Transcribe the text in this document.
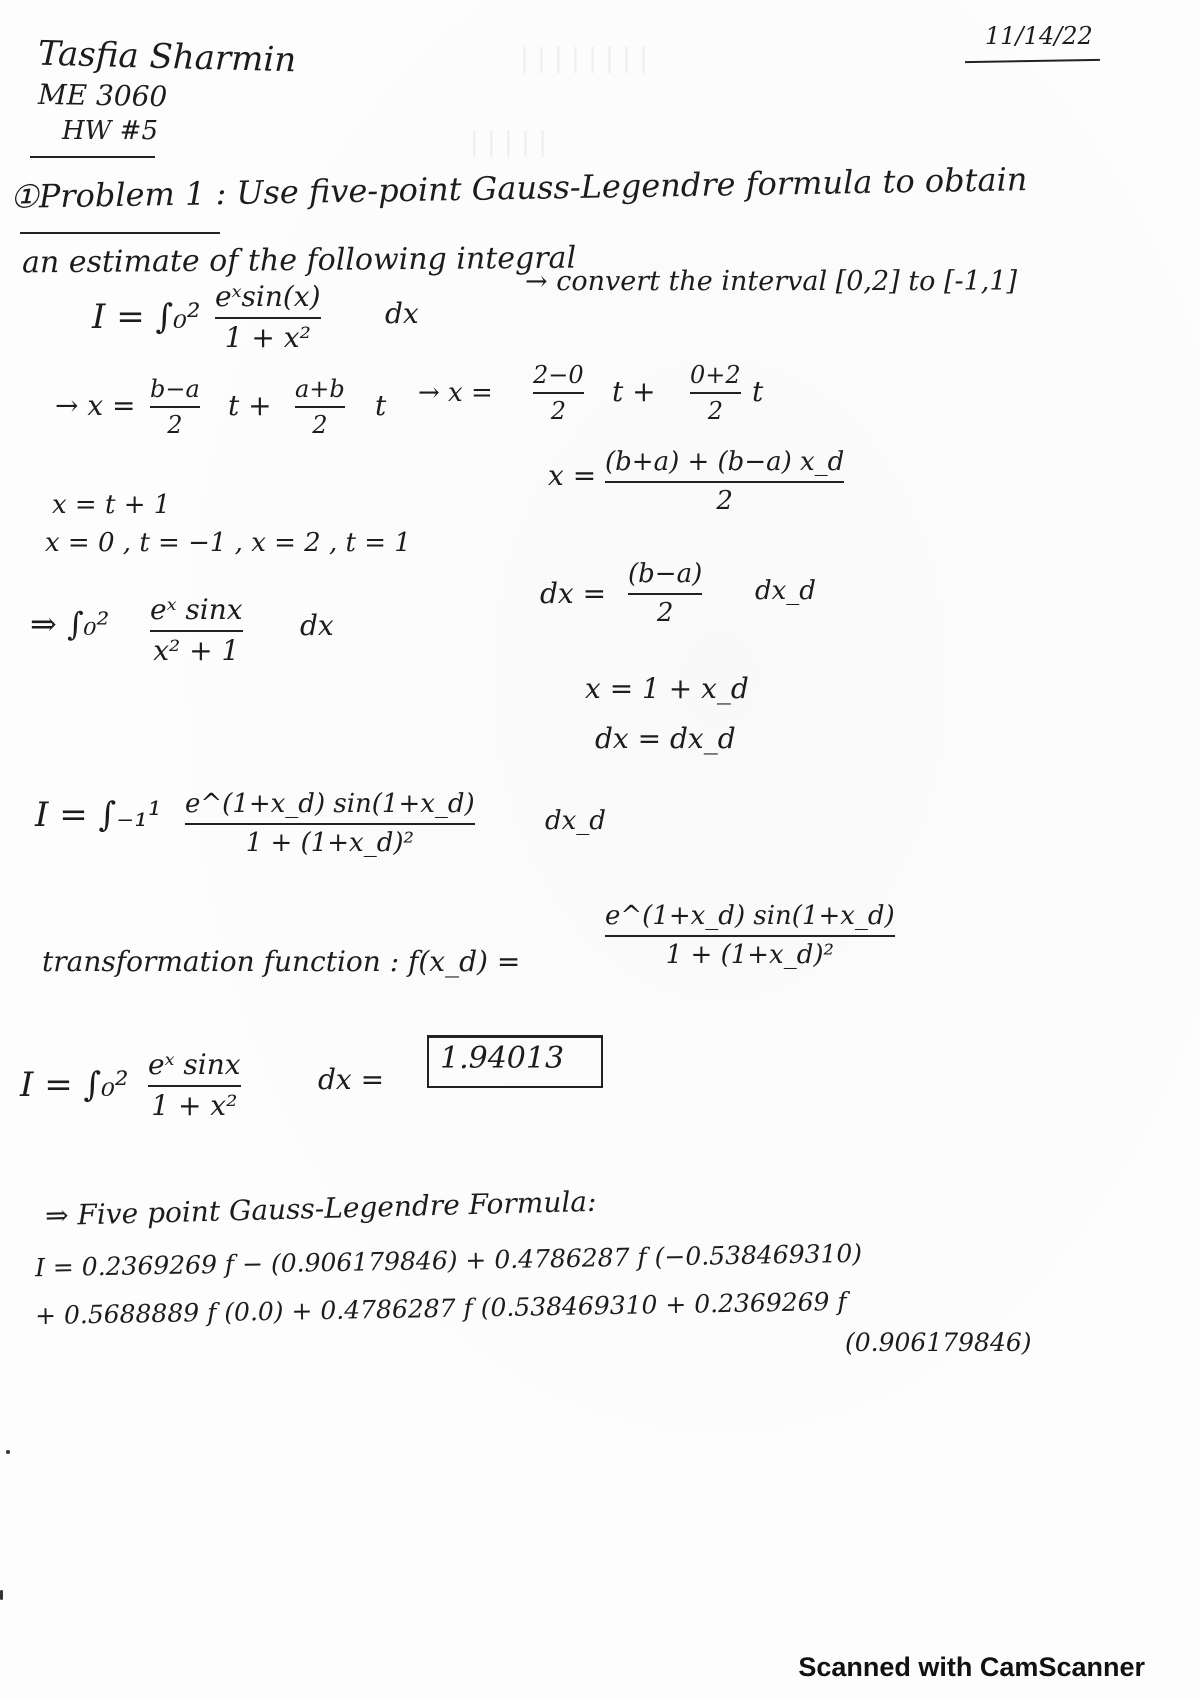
| | | | | | | |
| | | | |
Tasfia Sharmin
ME 3060
HW #5
11/14/22
①Problem 1 : Use five-point Gauss-Legendre formula to obtain
an estimate of the following integral
I = ∫₀²
eˣsin(x)
1 + x²
dx
→ convert the interval [0,2] to [-1,1]
→ x = b−a
2
t + a+b
2
t → x =
2−0
2
t + 0+2
2
t
x = (b+a) + (b−a) x_d
2
x = t + 1
x = 0 , t = −1 , x = 2 , t = 1
dx =
(b−a)
2
dx_d
x = 1 + x_d
dx = dx_d
⇒ ∫₀² eˣ sinx
x² + 1
dx
I = ∫₋₁¹ e^(1+x_d) sin(1+x_d)
1 + (1+x_d)²
dx_d
transformation function : f(x_d) =
e^(1+x_d) sin(1+x_d)
1 + (1+x_d)²
I = ∫₀²
eˣ sinx
1 + x²
dx =
1.94013
⇒ Five point Gauss-Legendre Formula:
I = 0.2369269 f − (0.906179846) + 0.4786287 f (−0.538469310)
+ 0.5688889 f (0.0) + 0.4786287 f (0.538469310 + 0.2369269 f
(0.906179846)
Scanned with CamScanner
